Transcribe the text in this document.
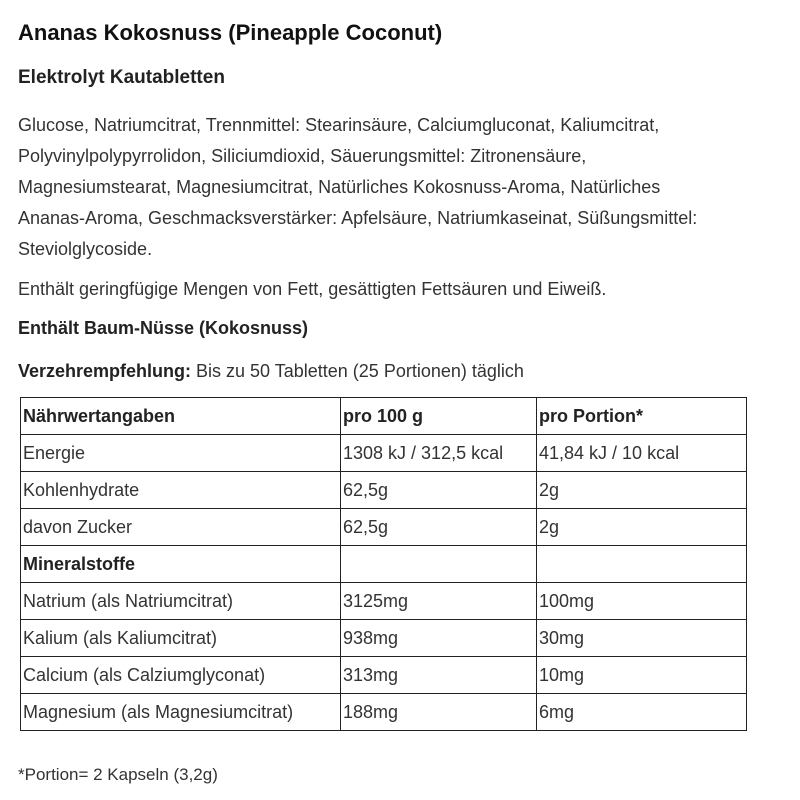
Ananas Kokosnuss (Pineapple Coconut)
Elektrolyt Kautabletten
Glucose, Natriumcitrat, Trennmittel: Stearinsäure, Calciumgluconat, Kaliumcitrat,
Polyvinylpolypyrrolidon, Siliciumdioxid, Säuerungsmittel: Zitronensäure,
Magnesiumstearat, Magnesiumcitrat, Natürliches Kokosnuss-Aroma, Natürliches
Ananas-Aroma, Geschmacksverstärker: Apfelsäure, Natriumkaseinat, Süßungsmittel:
Steviolglycoside.
Enthält geringfügige Mengen von Fett, gesättigten Fettsäuren und Eiweiß.
Enthält Baum-Nüsse (Kokosnuss)
Verzehrempfehlung: Bis zu 50 Tabletten (25 Portionen) täglich
Nährwertangaben	pro 100 g	pro Portion*
Energie	1308 kJ / 312,5 kcal	41,84 kJ / 10 kcal
Kohlenhydrate	62,5g	2g
davon Zucker	62,5g	2g
Mineralstoffe		
Natrium (als Natriumcitrat)	3125mg	100mg
Kalium (als Kaliumcitrat)	938mg	30mg
Calcium (als Calziumglyconat)	313mg	10mg
Magnesium (als Magnesiumcitrat)	188mg	6mg
*Portion= 2 Kapseln (3,2g)
